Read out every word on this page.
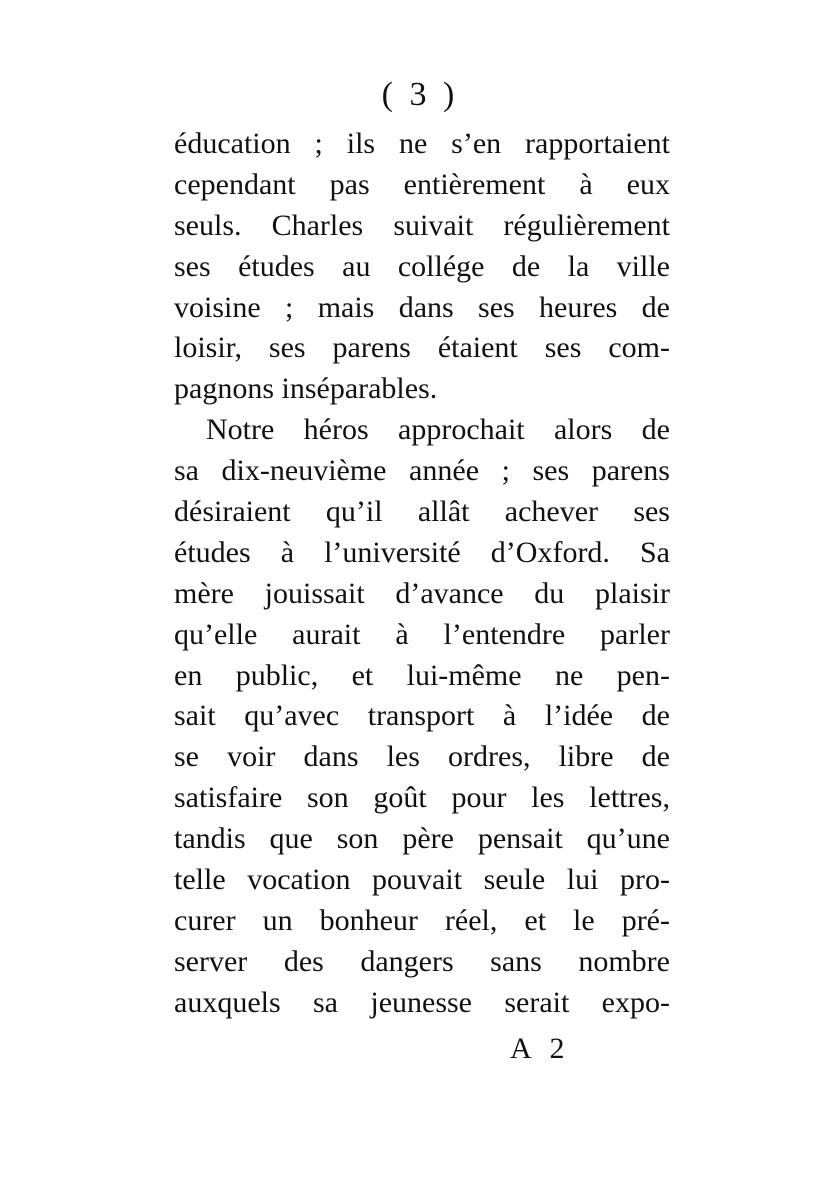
( 3 )
éducation ; ils ne s’en rapportaient
cependant pas entièrement à eux
seuls. Charles suivait régulièrement
ses études au collége de la ville
voisine ; mais dans ses heures de
loisir, ses parens étaient ses com-
pagnons inséparables.
Notre héros approchait alors de
sa dix-neuvième année ; ses parens
désiraient qu’il allât achever ses
études à l’université d’Oxford. Sa
mère jouissait d’avance du plaisir
qu’elle aurait à l’entendre parler
en public, et lui-même ne pen-
sait qu’avec transport à l’idée de
se voir dans les ordres, libre de
satisfaire son goût pour les lettres,
tandis que son père pensait qu’une
telle vocation pouvait seule lui pro-
curer un bonheur réel, et le pré-
server des dangers sans nombre
auxquels sa jeunesse serait expo-
A 2
